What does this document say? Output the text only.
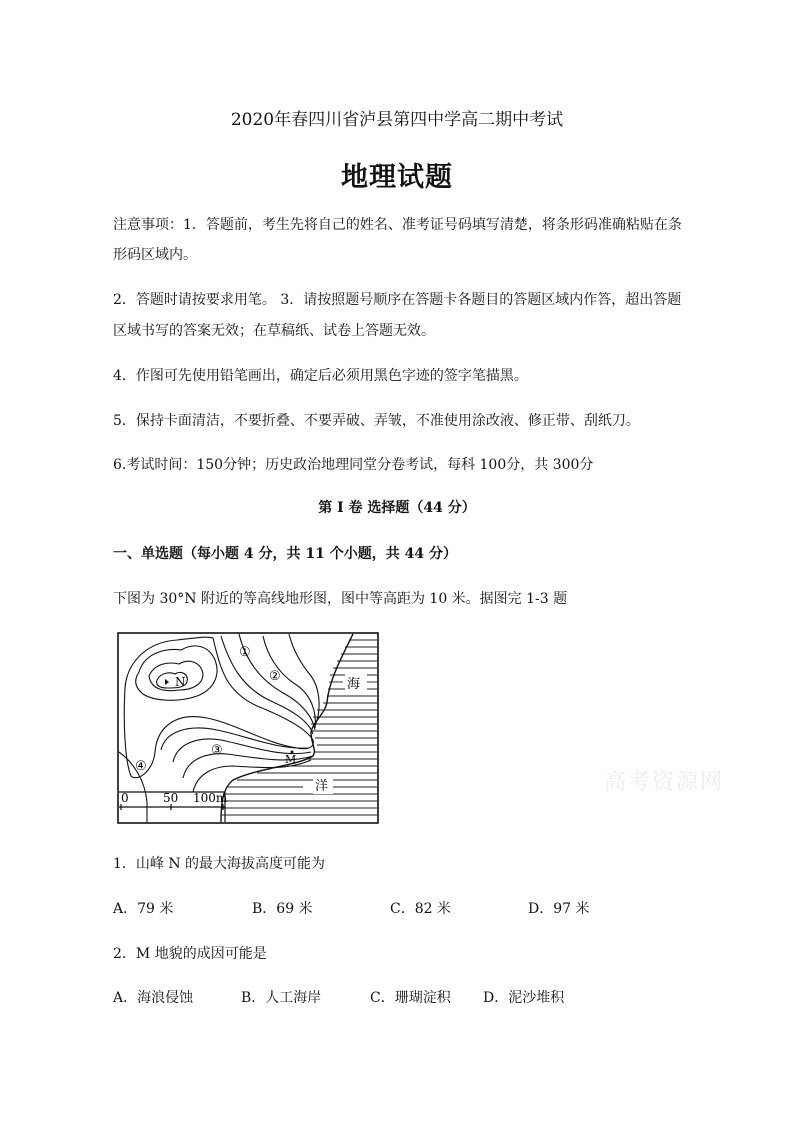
2020年春四川省泸县第四中学高二期中考试
地理试题
注意事项：1．答题前，考生先将自己的姓名、准考证号码填写清楚，将条形码准确粘贴在条
形码区域内。
2．答题时请按要求用笔。 3．请按照题号顺序在答题卡各题目的答题区域内作答，超出答题
区域书写的答案无效；在草稿纸、试卷上答题无效。
4．作图可先使用铅笔画出，确定后必须用黑色字迹的签字笔描黑。
5．保持卡面清洁，不要折叠、不要弄破、弄皱，不准使用涂改液、修正带、刮纸刀。
6.考试时间：150分钟；历史政治地理同堂分卷考试，每科 100分，共 300分
第 I 卷 选择题（44 分）
一、单选题（每小题 4 分，共 11 个小题，共 44 分）
下图为 30°N 附近的等高线地形图，图中等高距为 10 米。据图完 1-3 题
0	50 100m
N
M
①
②
③
④
海
洋	高考资源网
1．山峰 N 的最大海拔高度可能为
A．79 米	B．69 米	C．82 米	D．97 米
2．M 地貌的成因可能是
A．海浪侵蚀	B．人工海岸	C．珊瑚淀积 D．泥沙堆积
